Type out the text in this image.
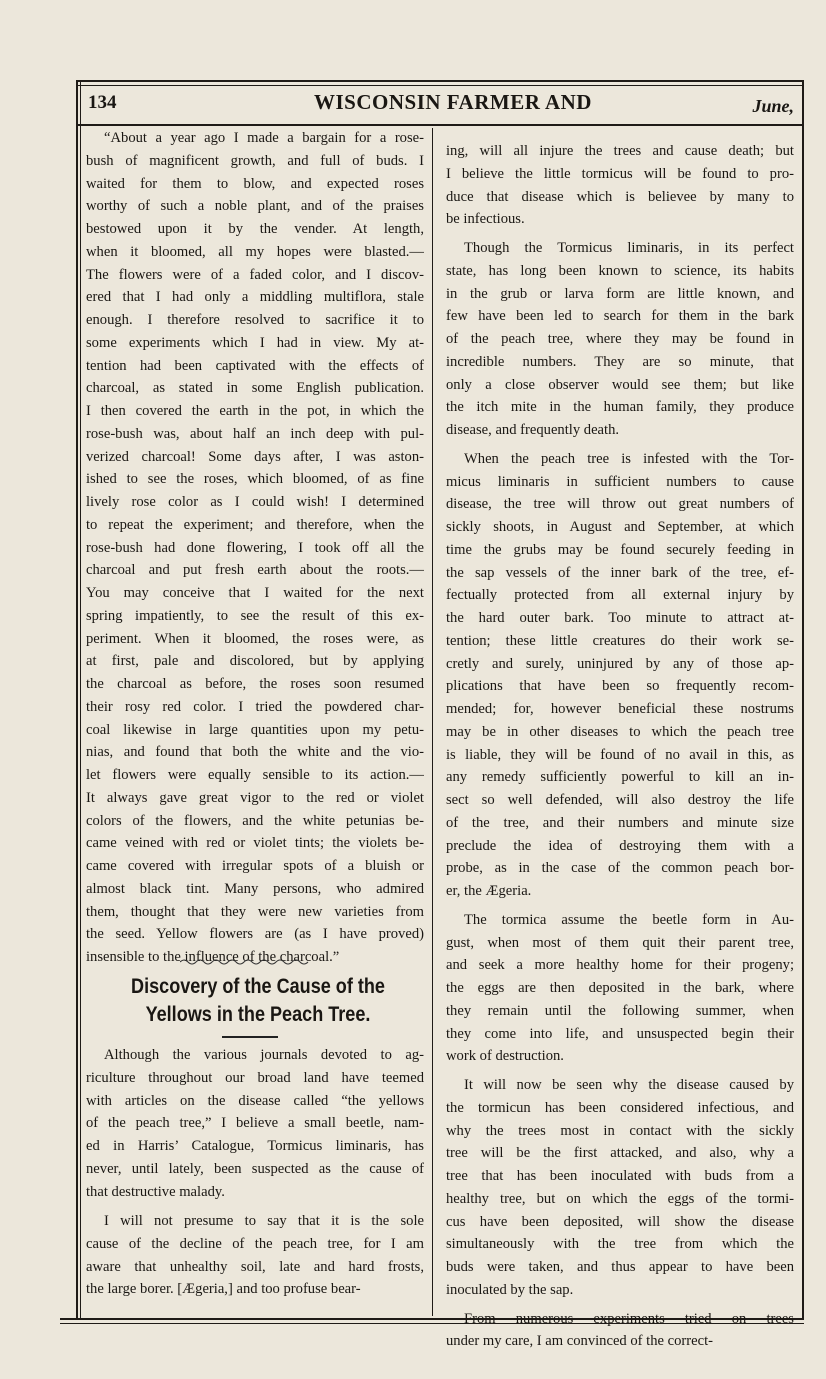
134	WISCONSIN FARMER AND	June,
“About a year ago I made a bargain for a rose-
bush of magnificent growth, and full of buds. I
waited for them to blow, and expected roses
worthy of such a noble plant, and of the praises
bestowed upon it by the vender. At length,
when it bloomed, all my hopes were blasted.—
The flowers were of a faded color, and I discov-
ered that I had only a middling multiflora, stale
enough. I therefore resolved to sacrifice it to
some experiments which I had in view. My at-
tention had been captivated with the effects of
charcoal, as stated in some English publication.
I then covered the earth in the pot, in which the
rose-bush was, about half an inch deep with pul-
verized charcoal! Some days after, I was aston-
ished to see the roses, which bloomed, of as fine
lively rose color as I could wish! I determined
to repeat the experiment; and therefore, when the
rose-bush had done flowering, I took off all the
charcoal and put fresh earth about the roots.—
You may conceive that I waited for the next
spring impatiently, to see the result of this ex-
periment. When it bloomed, the roses were, as
at first, pale and discolored, but by applying
the charcoal as before, the roses soon resumed
their rosy red color. I tried the powdered char-
coal likewise in large quantities upon my petu-
nias, and found that both the white and the vio-
let flowers were equally sensible to its action.—
It always gave great vigor to the red or violet
colors of the flowers, and the white petunias be-
came veined with red or violet tints; the violets be-
came covered with irregular spots of a bluish or
almost black tint. Many persons, who admired
them, thought that they were new varieties from
the seed. Yellow flowers are (as I have proved)
insensible to the influence of the charcoal.”
Discovery of the Cause of the Yellows in the Peach Tree.
Although the various journals devoted to ag-
riculture throughout our broad land have teemed
with articles on the disease called “the yellows
of the peach tree,” I believe a small beetle, nam-
ed in Harris’ Catalogue, Tormicus liminaris, has
never, until lately, been suspected as the cause of
that destructive malady.
I will not presume to say that it is the sole
cause of the decline of the peach tree, for I am
aware that unhealthy soil, late and hard frosts,
the large borer. [Ægeria,] and too profuse bear-
ing, will all injure the trees and cause death; but
I believe the little tormicus will be found to pro-
duce that disease which is believee by many to
be infectious.
Though the Tormicus liminaris, in its perfect
state, has long been known to science, its habits
in the grub or larva form are little known, and
few have been led to search for them in the bark
of the peach tree, where they may be found in
incredible numbers. They are so minute, that
only a close observer would see them; but like
the itch mite in the human family, they produce
disease, and frequently death.
When the peach tree is infested with the Tor-
micus liminaris in sufficient numbers to cause
disease, the tree will throw out great numbers of
sickly shoots, in August and September, at which
time the grubs may be found securely feeding in
the sap vessels of the inner bark of the tree, ef-
fectually protected from all external injury by
the hard outer bark. Too minute to attract at-
tention; these little creatures do their work se-
cretly and surely, uninjured by any of those ap-
plications that have been so frequently recom-
mended; for, however beneficial these nostrums
may be in other diseases to which the peach tree
is liable, they will be found of no avail in this, as
any remedy sufficiently powerful to kill an in-
sect so well defended, will also destroy the life
of the tree, and their numbers and minute size
preclude the idea of destroying them with a
probe, as in the case of the common peach bor-
er, the Ægeria.
The tormica assume the beetle form in Au-
gust, when most of them quit their parent tree,
and seek a more healthy home for their progeny;
the eggs are then deposited in the bark, where
they remain until the following summer, when
they come into life, and unsuspected begin their
work of destruction.
It will now be seen why the disease caused by
the tormicun has been considered infectious, and
why the trees most in contact with the sickly
tree will be the first attacked, and also, why a
tree that has been inoculated with buds from a
healthy tree, but on which the eggs of the tormi-
cus have been deposited, will show the disease
simultaneously with the tree from which the
buds were taken, and thus appear to have been
inoculated by the sap.
From numerous experiments tried on trees
under my care, I am convinced of the correct-
